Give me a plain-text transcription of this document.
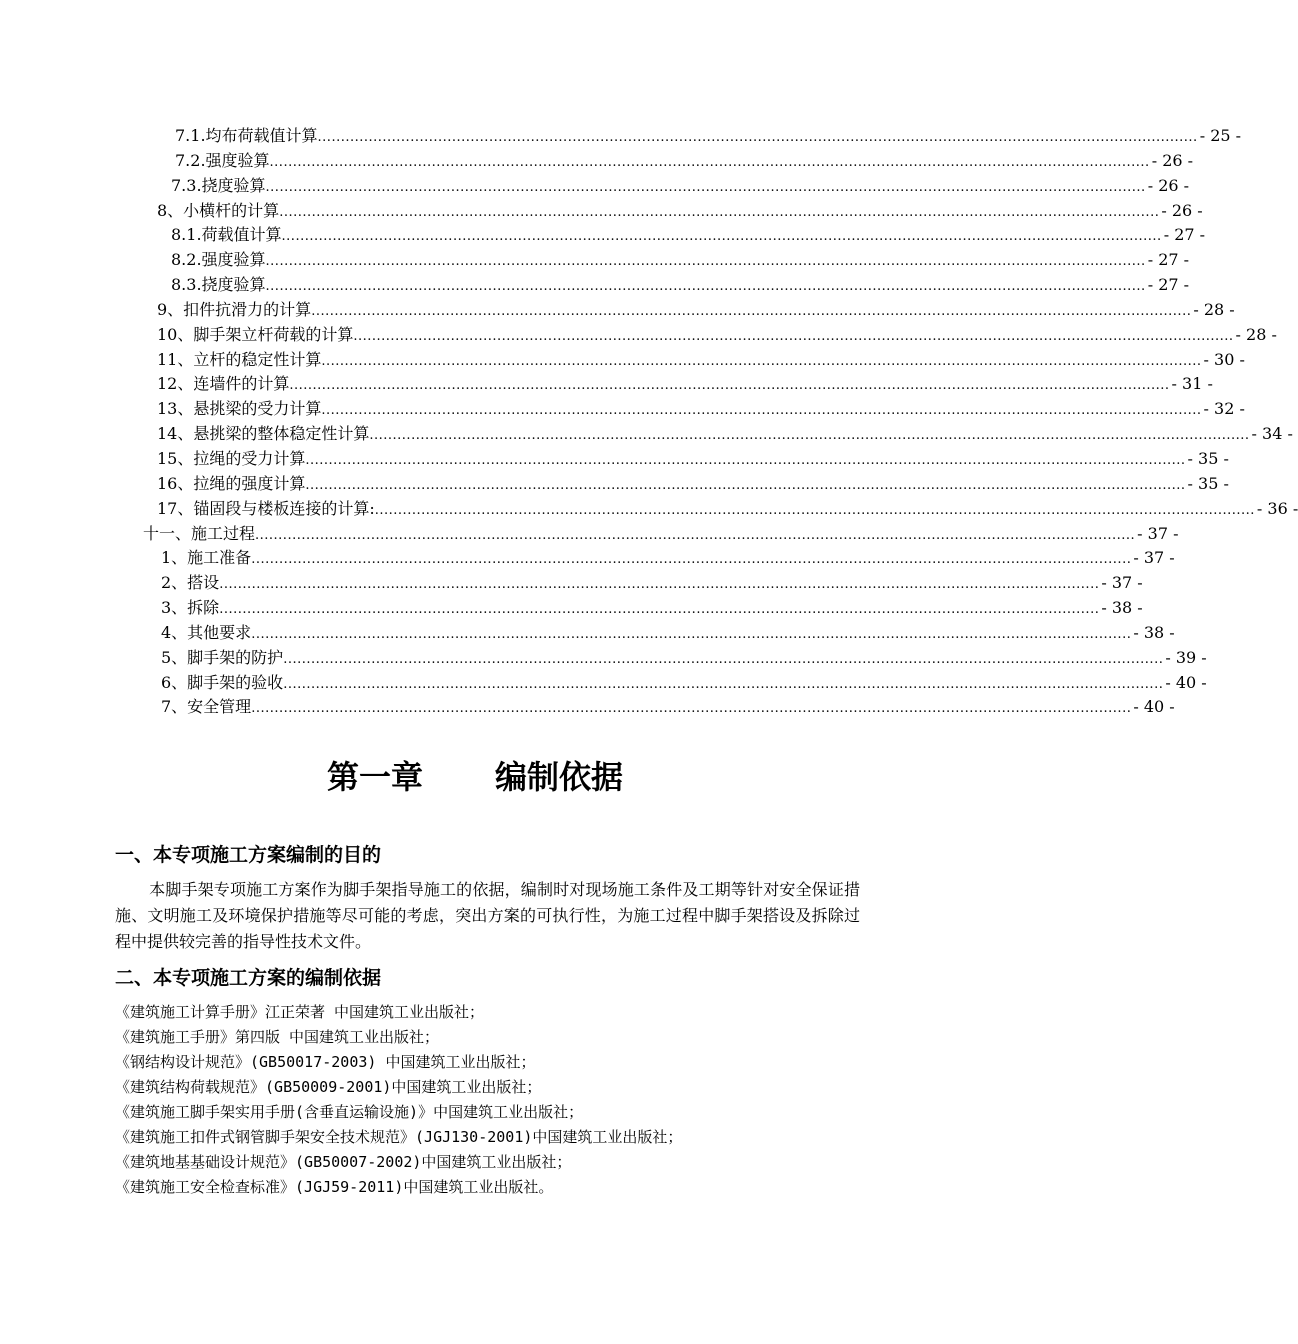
7.1.均布荷载值计算 .............................................................................................................................................................................................. - 25 -
7.2.强度验算 .............................................................................................................................................................................................. - 26 -
7.3.挠度验算 .............................................................................................................................................................................................. - 26 -
8、小横杆的计算 .............................................................................................................................................................................................. - 26 -
8.1.荷载值计算 .............................................................................................................................................................................................. - 27 -
8.2.强度验算 .............................................................................................................................................................................................. - 27 -
8.3.挠度验算 .............................................................................................................................................................................................. - 27 -
9、扣件抗滑力的计算 .............................................................................................................................................................................................. - 28 -
10、脚手架立杆荷载的计算 .............................................................................................................................................................................................. - 28 -
11、立杆的稳定性计算 .............................................................................................................................................................................................. - 30 -
12、连墙件的计算 .............................................................................................................................................................................................. - 31 -
13、悬挑梁的受力计算 .............................................................................................................................................................................................. - 32 -
14、悬挑梁的整体稳定性计算 .............................................................................................................................................................................................. - 34 -
15、拉绳的受力计算 .............................................................................................................................................................................................. - 35 -
16、拉绳的强度计算 .............................................................................................................................................................................................. - 35 -
17、锚固段与楼板连接的计算: .............................................................................................................................................................................................. - 36 -
十一、施工过程 .............................................................................................................................................................................................. - 37 -
1、施工准备 .............................................................................................................................................................................................. - 37 -
2、搭设 .............................................................................................................................................................................................. - 37 -
3、拆除 .............................................................................................................................................................................................. - 38 -
4、其他要求 .............................................................................................................................................................................................. - 38 -
5、脚手架的防护 .............................................................................................................................................................................................. - 39 -
6、脚手架的验收 .............................................................................................................................................................................................. - 40 -
7、安全管理 .............................................................................................................................................................................................. - 40 -
第一章 编制依据
一、本专项施工方案编制的目的
本脚手架专项施工方案作为脚手架指导施工的依据，编制时对现场施工条件及工期等针对安全保证措施、文明施工及环境保护措施等尽可能的考虑，突出方案的可执行性，为施工过程中脚手架搭设及拆除过程中提供较完善的指导性技术文件。
二、本专项施工方案的编制依据
《建筑施工计算手册》江正荣著 中国建筑工业出版社；
《建筑施工手册》第四版 中国建筑工业出版社；
《钢结构设计规范》(GB50017-2003) 中国建筑工业出版社；
《建筑结构荷载规范》(GB50009-2001)中国建筑工业出版社；
《建筑施工脚手架实用手册(含垂直运输设施)》中国建筑工业出版社；
《建筑施工扣件式钢管脚手架安全技术规范》(JGJ130-2001)中国建筑工业出版社；
《建筑地基基础设计规范》(GB50007-2002)中国建筑工业出版社；
《建筑施工安全检查标准》(JGJ59-2011)中国建筑工业出版社。
